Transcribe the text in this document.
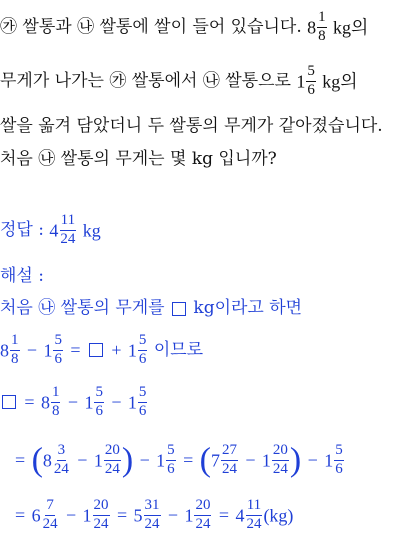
㉮ 쌀통과 ㉯ 쌀통에 쌀이 들어 있습니다. $8 \frac{1}{8}$ kg의
무게가 나가는 ㉮ 쌀통에서 ㉯ 쌀통으로 $1 \frac{5}{6}$ kg의
쌀을 옮겨 담았더니 두 쌀통의 무게가 같아졌습니다.
처음 ㉯ 쌀통의 무게는 몇 kg 입니까?
정답 : $4 \frac{11}{24}$ kg
해설 :
처음 ㉯ 쌀통의 무게를 kg이라고 하면
$8 \frac{1}{8} - 1 \frac{5}{6}$ = + $1 \frac{5}{6}$ 이므로
= $8 \frac{1}{8} - 1 \frac{5}{6} - 1 \frac{5}{6}$
= ($8 \frac{3}{24} - 1 \frac{20}{24}$ ) − $1 \frac{5}{6} = (7 \frac{27}{24} - 1 \frac{20}{24}$ ) − $1 \frac{5}{6}$
= $6 \frac{7}{24} - 1 \frac{20}{24} = 5 \frac{31}{24} - 1 \frac{20}{24} = 4 \frac{11}{24} (kg)$
